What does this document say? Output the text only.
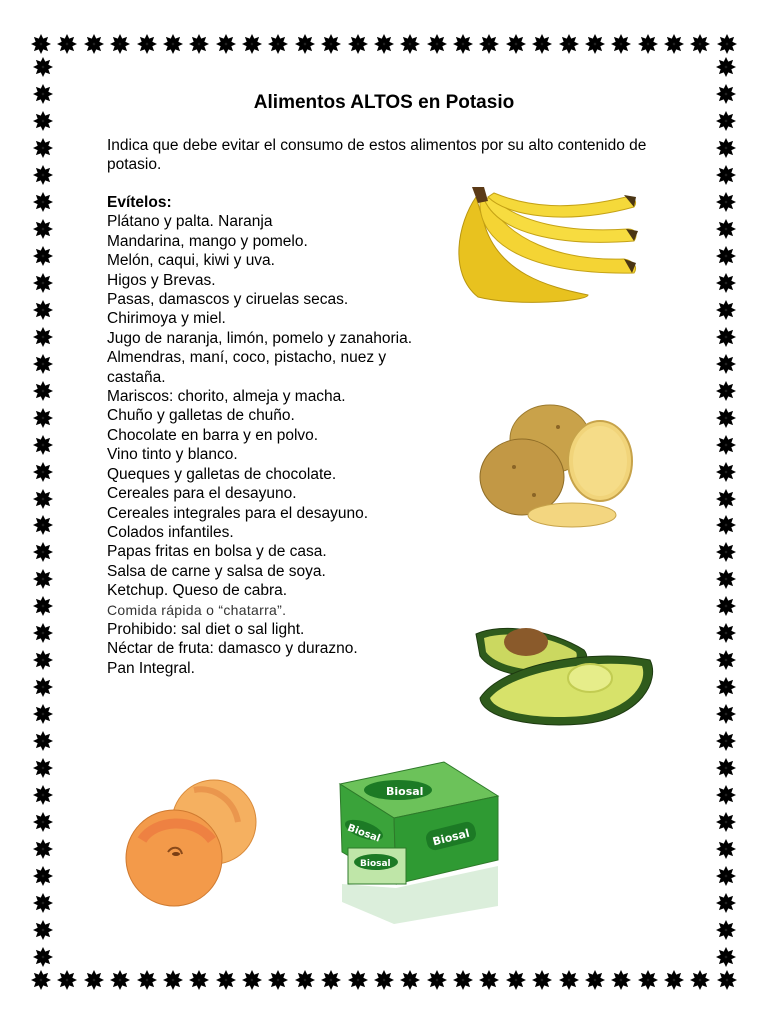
Alimentos ALTOS en Potasio
Indica que debe evitar el consumo de estos alimentos por su alto contenido de potasio.
Evítelos:
Plátano y palta. Naranja
Mandarina, mango y pomelo.
Melón, caqui, kiwi y uva.
Higos y Brevas.
Pasas, damascos y ciruelas secas.
Chirimoya y miel.
Jugo de naranja, limón, pomelo y zanahoria.
Almendras, maní, coco, pistacho, nuez y castaña.
Mariscos: chorito, almeja y macha.
Chuño y galletas de chuño.
Chocolate en barra y en polvo.
Vino tinto y blanco.
Queques y galletas de chocolate.
Cereales para el desayuno.
Cereales integrales para el desayuno.
Colados infantiles.
Papas fritas en bolsa y de casa.
Salsa de carne y salsa de soya.
Ketchup. Queso de cabra.
Comida rápida o “chatarra”.
Prohibido: sal diet o sal light.
Néctar de fruta: damasco y durazno.
Pan Integral.
Biosal
Biosal	Biosal
Biosal
